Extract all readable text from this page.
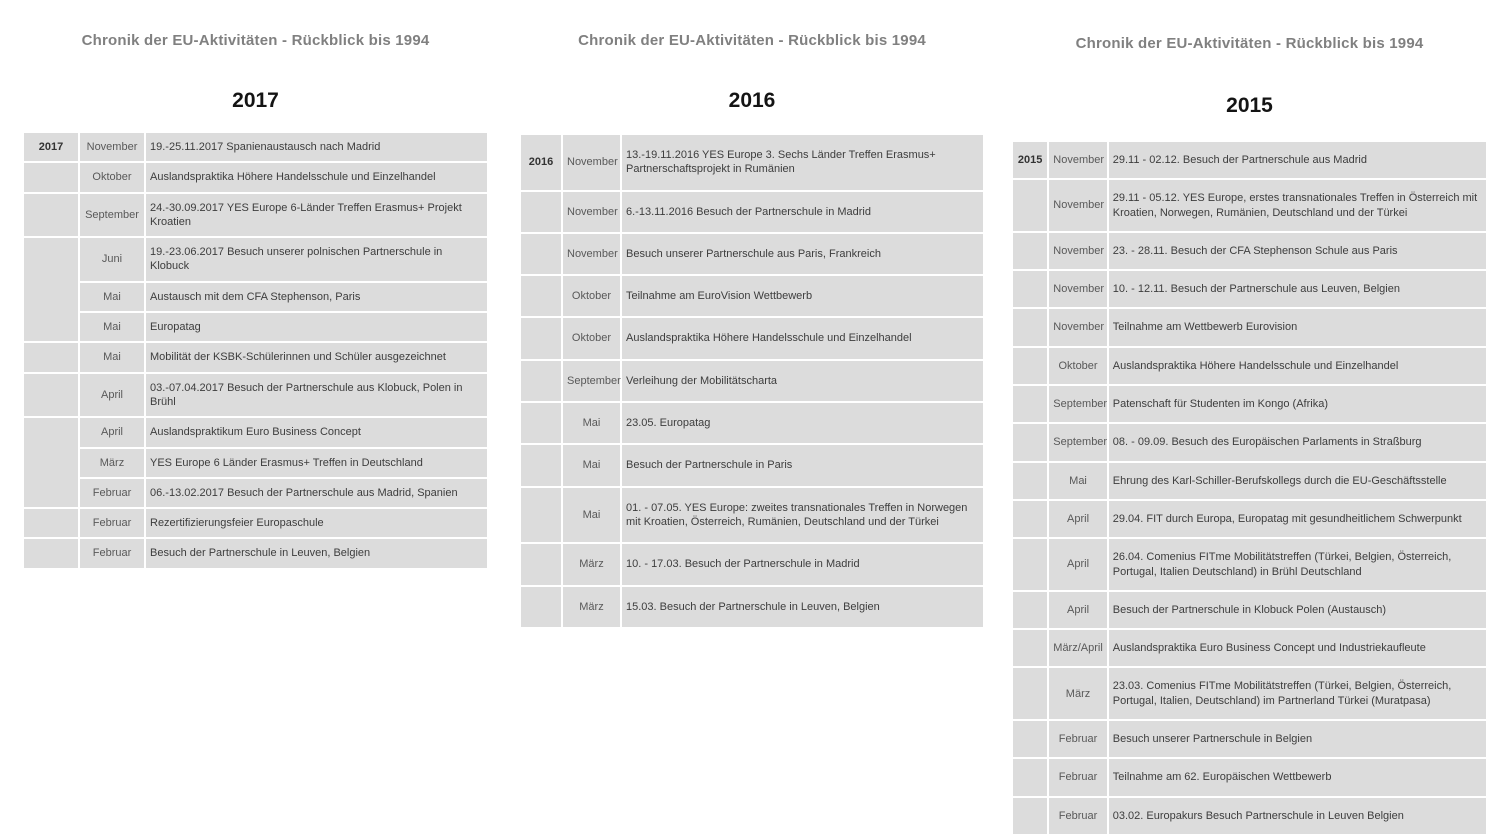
Chronik der EU-Aktivitäten - Rückblick bis 1994
2017
2017	November	19.-25.11.2017 Spanienaustausch nach Madrid
	Oktober	Auslandspraktika Höhere Handelsschule und Einzelhandel
	September	24.-30.09.2017 YES Europe 6-Länder Treffen Erasmus+ Projekt Kroatien
	Juni	19.-23.06.2017 Besuch unserer polnischen Partnerschule in Klobuck
	Mai	Austausch mit dem CFA Stephenson, Paris
	Mai	Europatag
	Mai	Mobilität der KSBK-Schülerinnen und Schüler ausgezeichnet
	April	03.-07.04.2017 Besuch der Partnerschule aus Klobuck, Polen in Brühl
	April	Auslandspraktikum Euro Business Concept
	März	YES Europe 6 Länder Erasmus+ Treffen in Deutschland
	Februar	06.-13.02.2017 Besuch der Partnerschule aus Madrid, Spanien
	Februar	Rezertifizierungsfeier Europaschule
	Februar	Besuch der Partnerschule in Leuven, Belgien
Chronik der EU-Aktivitäten - Rückblick bis 1994
2016
2016	November	13.-19.11.2016 YES Europe 3. Sechs Länder Treffen Erasmus+ Partnerschaftsprojekt in Rumänien
	November	6.-13.11.2016 Besuch der Partnerschule in Madrid
	November	Besuch unserer Partnerschule aus Paris, Frankreich
	Oktober	Teilnahme am EuroVision Wettbewerb
	Oktober	Auslandspraktika Höhere Handelsschule und Einzelhandel
	September	Verleihung der Mobilitätscharta
	Mai	23.05. Europatag
	Mai	Besuch der Partnerschule in Paris
	Mai	01. - 07.05. YES Europe: zweites transnationales Treffen in Norwegen mit Kroatien, Österreich, Rumänien, Deutschland und der Türkei
	März	10. - 17.03. Besuch der Partnerschule in Madrid
	März	15.03. Besuch der Partnerschule in Leuven, Belgien
Chronik der EU-Aktivitäten - Rückblick bis 1994
2015
2015	November	29.11 - 02.12. Besuch der Partnerschule aus Madrid
	November	29.11 - 05.12. YES Europe, erstes transnationales Treffen in Österreich mit Kroatien, Norwegen, Rumänien, Deutschland und der Türkei
	November	23. - 28.11. Besuch der CFA Stephenson Schule aus Paris
	November	10. - 12.11. Besuch der Partnerschule aus Leuven, Belgien
	November	Teilnahme am Wettbewerb Eurovision
	Oktober	Auslandspraktika Höhere Handelsschule und Einzelhandel
	September	Patenschaft für Studenten im Kongo (Afrika)
	September	08. - 09.09. Besuch des Europäischen Parlaments in Straßburg
	Mai	Ehrung des Karl-Schiller-Berufskollegs durch die EU-Geschäftsstelle
	April	29.04. FIT durch Europa, Europatag mit gesundheitlichem Schwerpunkt
	April	26.04. Comenius FITme Mobilitätstreffen (Türkei, Belgien, Österreich, Portugal, Italien Deutschland) in Brühl Deutschland
	April	Besuch der Partnerschule in Klobuck Polen (Austausch)
	März/April	Auslandspraktika Euro Business Concept und Industriekaufleute
	März	23.03. Comenius FITme Mobilitätstreffen (Türkei, Belgien, Österreich, Portugal, Italien, Deutschland) im Partnerland Türkei (Muratpasa)
	Februar	Besuch unserer Partnerschule in Belgien
	Februar	Teilnahme am 62. Europäischen Wettbewerb
	Februar	03.02. Europakurs Besuch Partnerschule in Leuven Belgien
